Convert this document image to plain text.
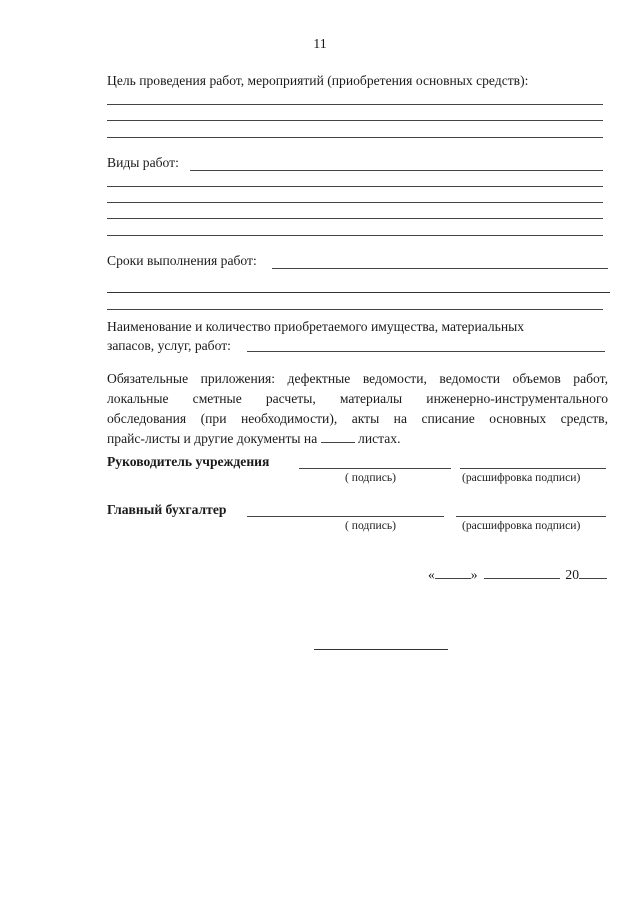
11
Цель проведения работ, мероприятий (приобретения основных средств):
Виды работ:
Сроки выполнения работ:
Наименование и количество приобретаемого имущества, материальных
запасов, услуг, работ:
Обязательные приложения: дефектные ведомости, ведомости объемов работ,
локальные сметные расчеты, материалы инженерно-инструментального
обследования (при необходимости), акты на списание основных средств,
прайс-листы и другие документы на	листах.
Руководитель учреждения
( подпись)	(расшифровка подписи)
Главный бухгалтер
( подпись)	(расшифровка подписи)
«	»	20
